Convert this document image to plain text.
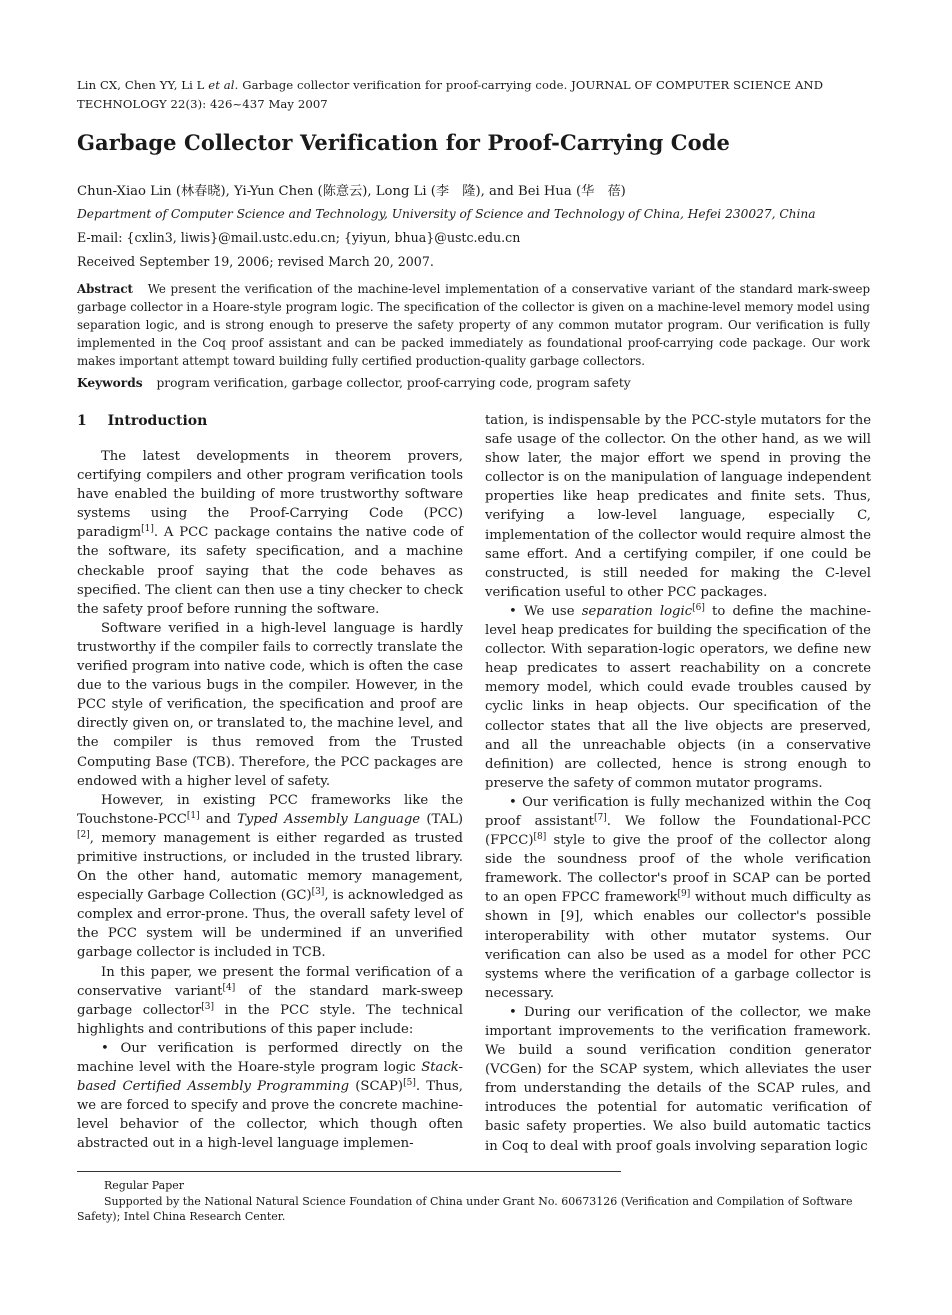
Lin CX, Chen YY, Li L et al. Garbage collector verification for proof-carrying code. JOURNAL OF COMPUTER SCIENCE AND TECHNOLOGY 22(3): 426~437 May 2007
Garbage Collector Verification for Proof-Carrying Code
Chun-Xiao Lin (林春晓), Yi-Yun Chen (陈意云), Long Li (李　隆), and Bei Hua (华　蓓)
Department of Computer Science and Technology, University of Science and Technology of China, Hefei 230027, China
E-mail: {cxlin3, liwis}@mail.ustc.edu.cn; {yiyun, bhua}@ustc.edu.cn
Received September 19, 2006; revised March 20, 2007.

Abstract We present the verification of the machine-level implementation of a conservative variant of the standard mark-sweep garbage collector in a Hoare-style program logic. The specification of the collector is given on a machine-level memory model using separation logic, and is strong enough to preserve the safety property of any common mutator program. Our verification is fully implemented in the Coq proof assistant and can be packed immediately as foundational proof-carrying code package. Our work makes important attempt toward building fully certified production-quality garbage collectors.

Keywords program verification, garbage collector, proof-carrying code, program safety
1 Introduction

The latest developments in theorem provers, certifying compilers and other program verification tools have enabled the building of more trustworthy software systems using the Proof-Carrying Code (PCC) paradigm[1]. A PCC package contains the native code of the software, its safety specification, and a machine checkable proof saying that the code behaves as specified. The client can then use a tiny checker to check the safety proof before running the software.

Software verified in a high-level language is hardly trustworthy if the compiler fails to correctly translate the verified program into native code, which is often the case due to the various bugs in the compiler. However, in the PCC style of verification, the specification and proof are directly given on, or translated to, the machine level, and the compiler is thus removed from the Trusted Computing Base (TCB). Therefore, the PCC packages are endowed with a higher level of safety.

However, in existing PCC frameworks like the Touchstone-PCC[1] and Typed Assembly Language (TAL)[2], memory management is either regarded as trusted primitive instructions, or included in the trusted library. On the other hand, automatic memory management, especially Garbage Collection (GC)[3], is acknowledged as complex and error-prone. Thus, the overall safety level of the PCC system will be undermined if an unverified garbage collector is included in TCB.

In this paper, we present the formal verification of a conservative variant[4] of the standard mark-sweep garbage collector[3] in the PCC style. The technical highlights and contributions of this paper include:

• Our verification is performed directly on the machine level with the Hoare-style program logic Stack-based Certified Assembly Programming (SCAP)[5]. Thus, we are forced to specify and prove the concrete machine-level behavior of the collector, which though often abstracted out in a high-level language implemen-

tation, is indispensable by the PCC-style mutators for the safe usage of the collector. On the other hand, as we will show later, the major effort we spend in proving the collector is on the manipulation of language independent properties like heap predicates and finite sets. Thus, verifying a low-level language, especially C, implementation of the collector would require almost the same effort. And a certifying compiler, if one could be constructed, is still needed for making the C-level verification useful to other PCC packages.

• We use separation logic[6] to define the machine-level heap predicates for building the specification of the collector. With separation-logic operators, we define new heap predicates to assert reachability on a concrete memory model, which could evade troubles caused by cyclic links in heap objects. Our specification of the collector states that all the live objects are preserved, and all the unreachable objects (in a conservative definition) are collected, hence is strong enough to preserve the safety of common mutator programs.

• Our verification is fully mechanized within the Coq proof assistant[7]. We follow the Foundational-PCC (FPCC)[8] style to give the proof of the collector along side the soundness proof of the whole verification framework. The collector's proof in SCAP can be ported to an open FPCC framework[9] without much difficulty as shown in [9], which enables our collector's possible interoperability with other mutator systems. Our verification can also be used as a model for other PCC systems where the verification of a garbage collector is necessary.

• During our verification of the collector, we make important improvements to the verification framework. We build a sound verification condition generator (VCGen) for the SCAP system, which alleviates the user from understanding the details of the SCAP rules, and introduces the potential for automatic verification of basic safety properties. We also build automatic tactics in Coq to deal with proof goals involving separation logic

Regular Paper

Supported by the National Natural Science Foundation of China under Grant No. 60673126 (Verification and Compilation of Software Safety); Intel China Research Center.
